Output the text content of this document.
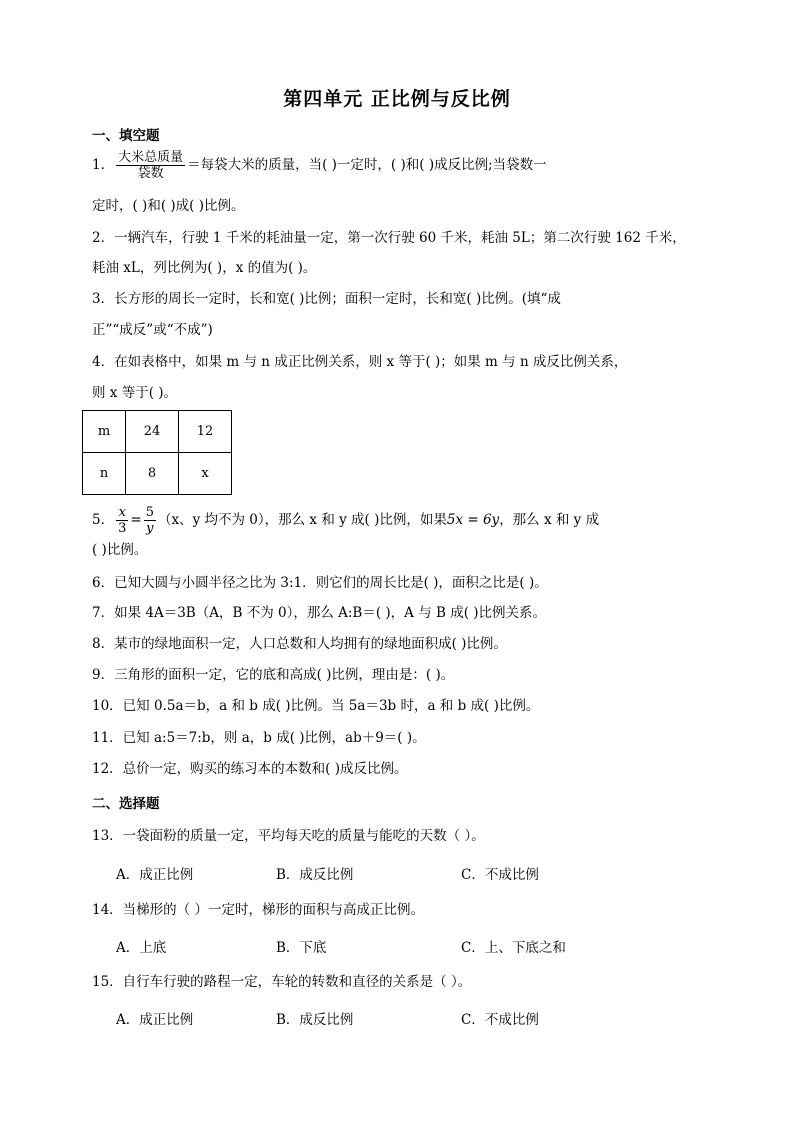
第四单元 正比例与反比例
一、填空题
1． $\frac{\text{大米总质量}}{\text{袋数}}$ ＝每袋大米的质量，当( )一定时，( )和( )成反比例;当袋数一
定时，( )和( )成( )比例。
2．一辆汽车，行驶 1 千米的耗油量一定，第一次行驶 60 千米，耗油 5L；第二次行驶 162 千米，
耗油 xL，列比例为( )，x 的值为( )。
3．长方形的周长一定时，长和宽( )比例；面积一定时，长和宽( )比例。(填“成
正”“成反”或“不成”)
4．在如表格中，如果 m 与 n 成正比例关系，则 x 等于( )；如果 m 与 n 成反比例关系，
则 x 等于( )。
m	24	12
n	8	x
5． $\frac{x}{3} = \frac{5}{y} (x$、y 均不为 0），那么 x 和 y 成( )比例，如果5x = 6y，那么 x 和 y 成
( )比例。
6．已知大圆与小圆半径之比为 3:1．则它们的周长比是( )，面积之比是( )。
7．如果 4A＝3B（A，B 不为 0），那么 A:B＝( )，A 与 B 成( )比例关系。
8．某市的绿地面积一定，人口总数和人均拥有的绿地面积成( )比例。
9．三角形的面积一定，它的底和高成( )比例，理由是：( )。
10．已知 0.5a＝b，a 和 b 成( )比例。当 5a＝3b 时，a 和 b 成( )比例。
11．已知 a:5＝7:b，则 a，b 成( )比例，ab＋9＝( )。
12．总价一定，购买的练习本的本数和( )成反比例。
二、选择题
13．一袋面粉的质量一定，平均每天吃的质量与能吃的天数（ ）。
A．成正比例	B．成反比例	C．不成比例
14．当梯形的（ ）一定时，梯形的面积与高成正比例。
A．上底	B．下底	C．上、下底之和
15．自行车行驶的路程一定，车轮的转数和直径的关系是（ ）。
A．成正比例	B．成反比例	C．不成比例
